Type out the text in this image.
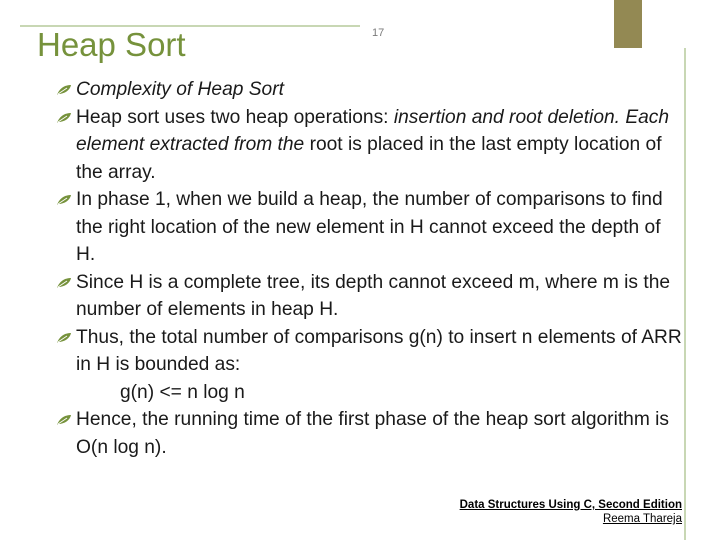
17
Heap Sort
Complexity of Heap Sort
Heap sort uses two heap operations: insertion and root deletion. Each element extracted from the root is placed in the last empty location of the array.
In phase 1, when we build a heap, the number of comparisons to find the right location of the new element in H cannot exceed the depth of H.
Since H is a complete tree, its depth cannot exceed m, where m is the number of elements in heap H.
Thus, the total number of comparisons g(n) to insert n elements of ARR in H is bounded as:
g(n) <= n log n
Hence, the running time of the first phase of the heap sort algorithm is O(n log n).
Data Structures Using C, Second Edition
Reema Thareja
